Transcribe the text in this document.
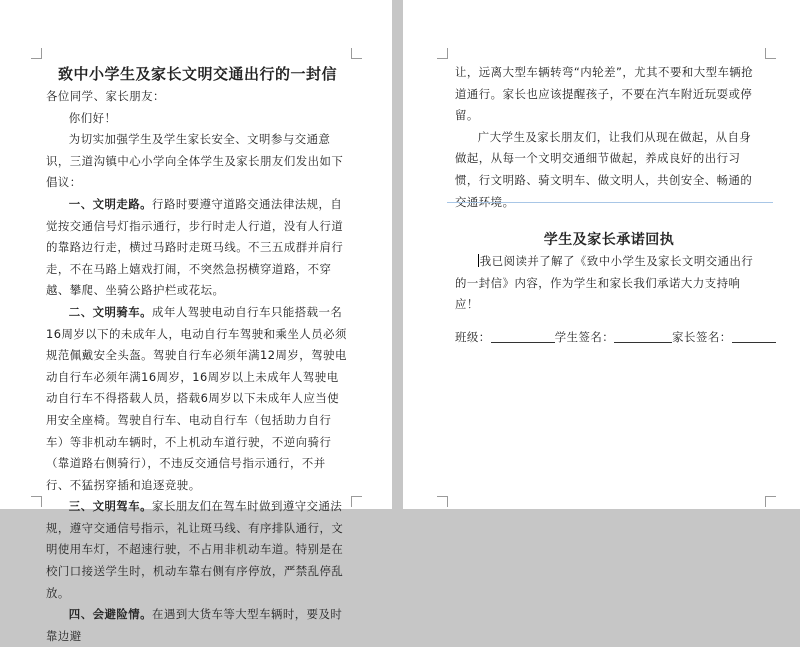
致中小学生及家长文明交通出行的一封信

各位同学、家长朋友：

你们好！

为切实加强学生及学生家长安全、文明参与交通意识，三道沟镇中心小学向全体学生及家长朋友们发出如下倡议：

一、文明走路。行路时要遵守道路交通法律法规，自觉按交通信号灯指示通行，步行时走人行道，没有人行道的靠路边行走，横过马路时走斑马线。不三五成群并肩行走，不在马路上嬉戏打闹，不突然急拐横穿道路，不穿越、攀爬、坐骑公路护栏或花坛。

二、文明骑车。成年人驾驶电动自行车只能搭载一名16周岁以下的未成年人，电动自行车驾驶和乘坐人员必须规范佩戴安全头盔。驾驶自行车必须年满12周岁，驾驶电动自行车必须年满16周岁，16周岁以上未成年人驾驶电动自行车不得搭载人员，搭载6周岁以下未成年人应当使用安全座椅。驾驶自行车、电动自行车（包括助力自行车）等非机动车辆时，不上机动车道行驶，不逆向骑行（靠道路右侧骑行），不违反交通信号指示通行，不并行、不猛拐穿插和追逐竞驶。

三、文明驾车。家长朋友们在驾车时做到遵守交通法规，遵守交通信号指示，礼让斑马线、有序排队通行，文明使用车灯，不超速行驶，不占用非机动车道。特别是在校门口接送学生时，机动车靠右侧有序停放，严禁乱停乱放。

四、会避险情。在遇到大货车等大型车辆时，要及时靠边避

让，远离大型车辆转弯“内轮差”，尤其不要和大型车辆抢道通行。家长也应该提醒孩子，不要在汽车附近玩耍或停留。

广大学生及家长朋友们，让我们从现在做起，从自身做起，从每一个文明交通细节做起，养成良好的出行习惯，行文明路、骑文明车、做文明人，共创安全、畅通的交通环境。

学生及家长承诺回执

我已阅读并了解了《致中小学生及家长文明交通出行的一封信》内容，作为学生和家长我们承诺大力支持响应！

班级：	学生签名：	家长签名：
